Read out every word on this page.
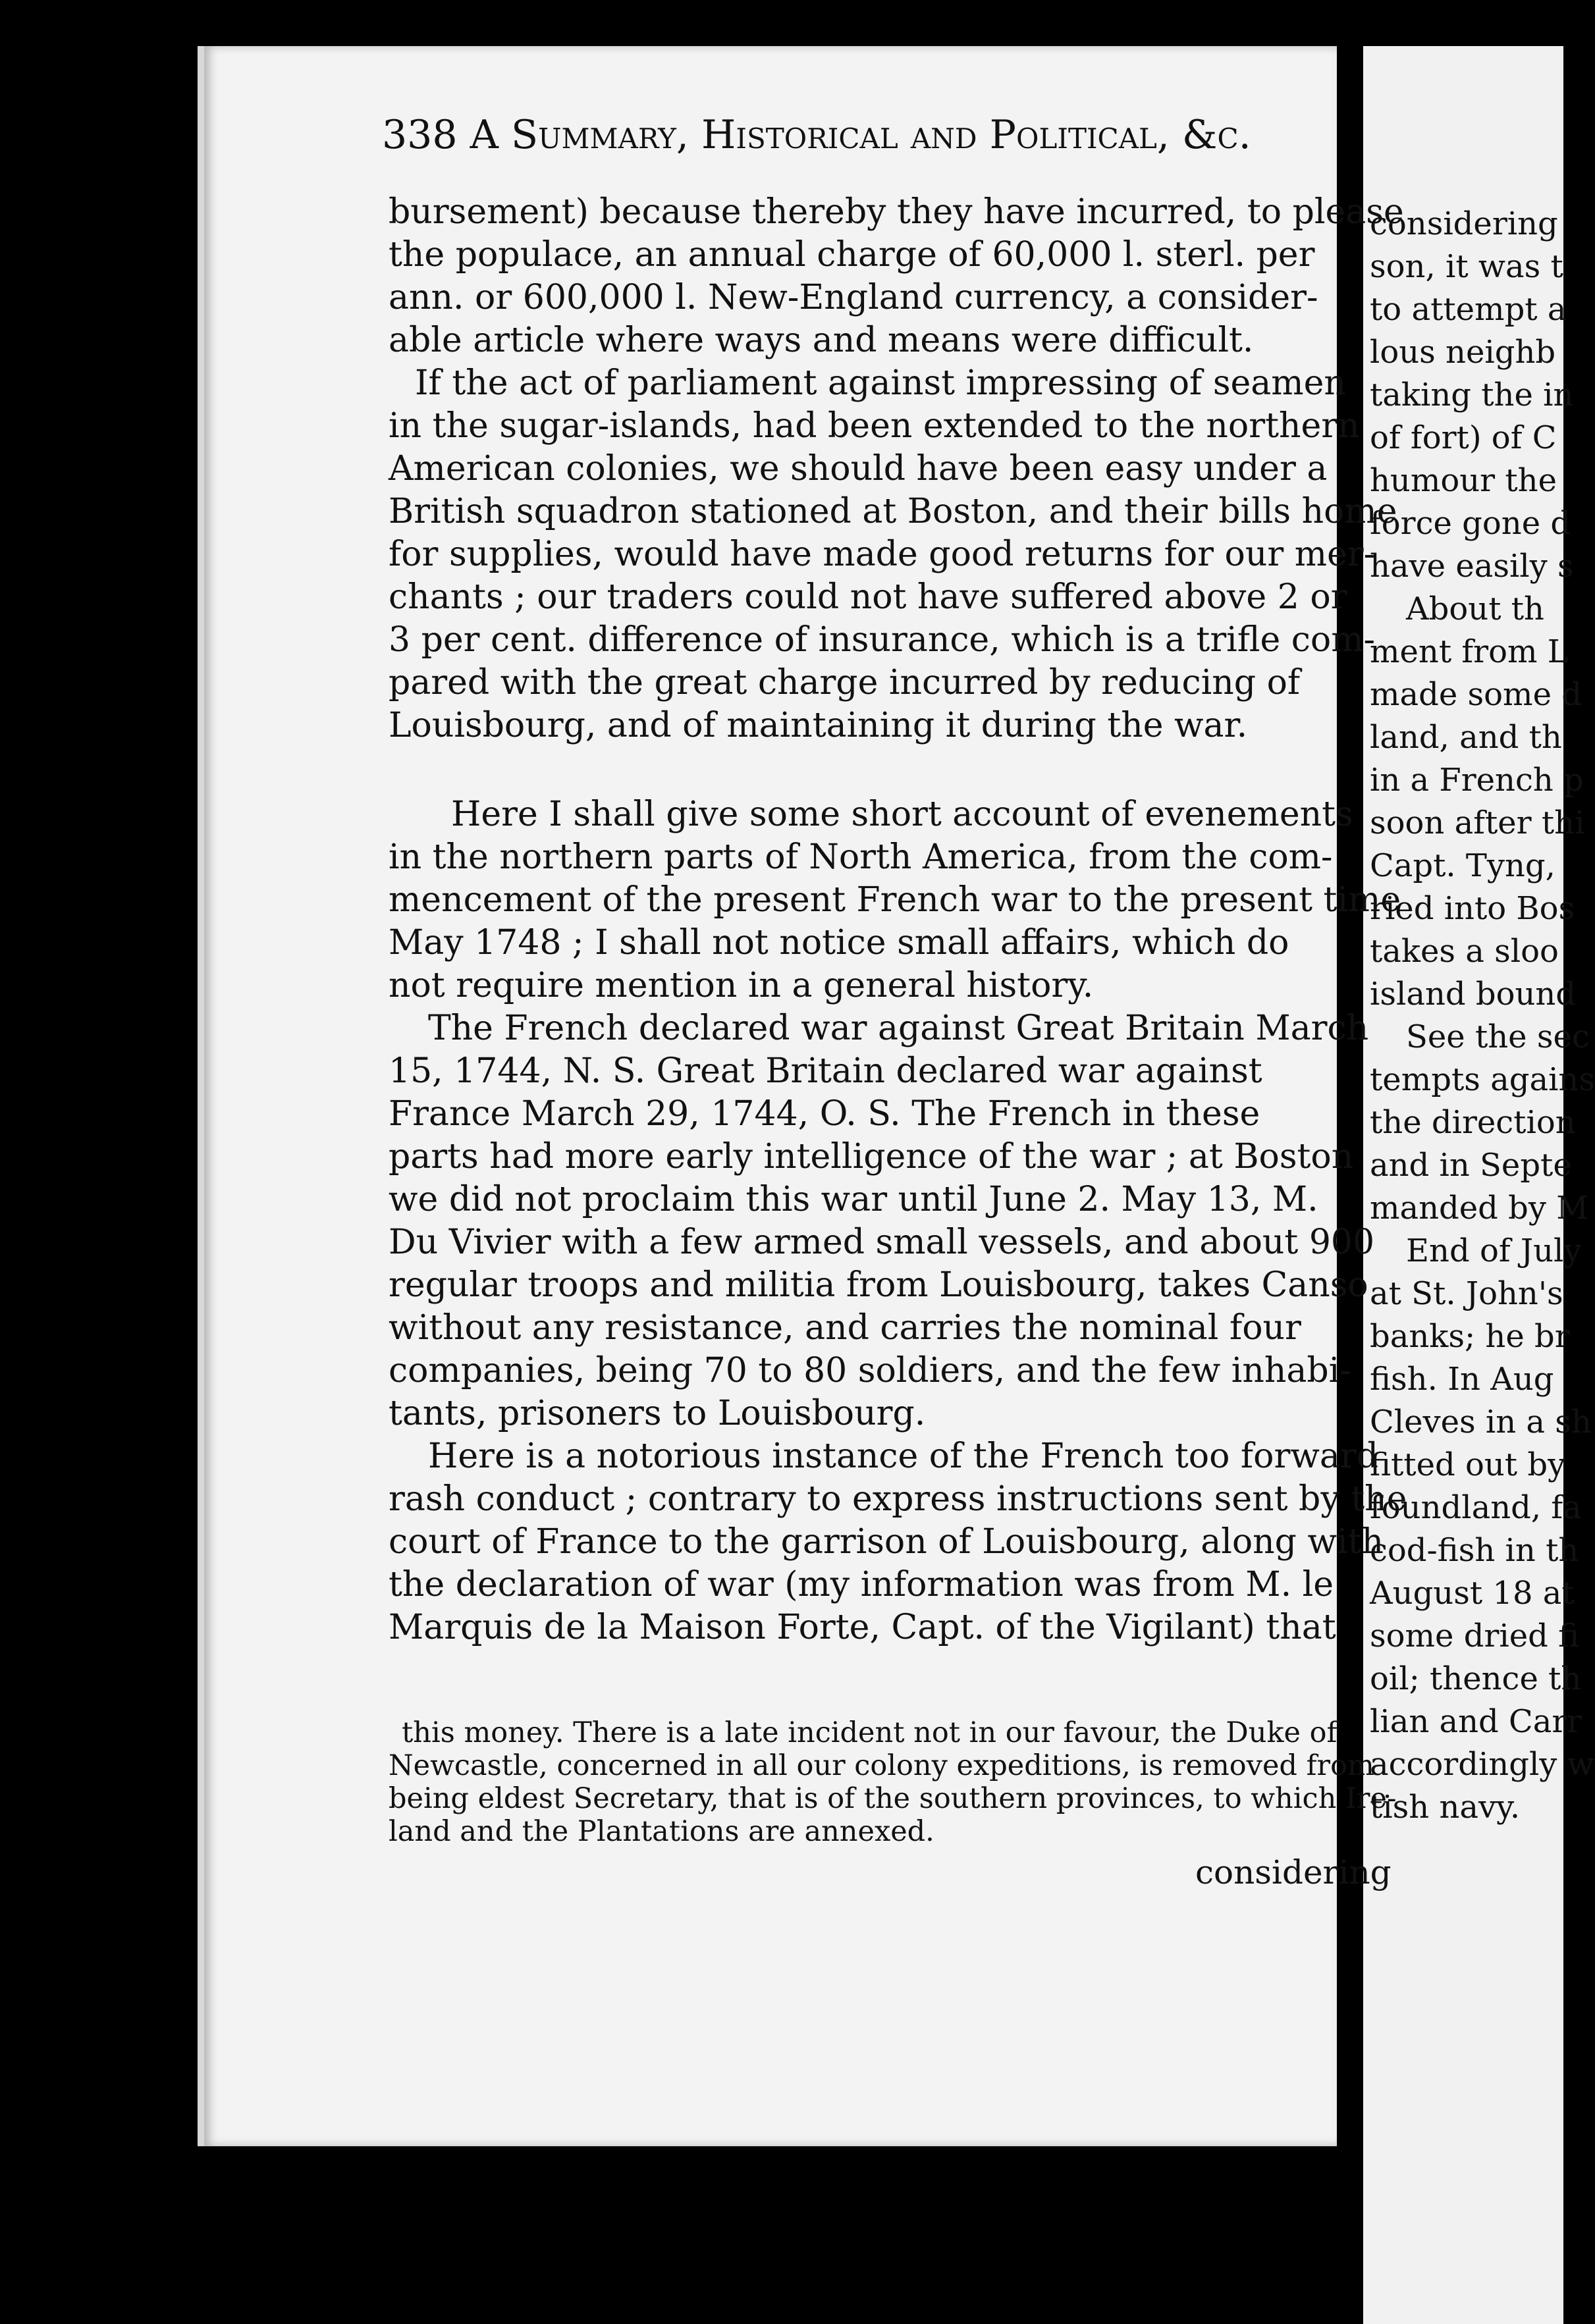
338 A Summary, Historical and Political, &c.
bursement) because thereby they have incurred, to please
the populace, an annual charge of 60,000 l. sterl. per
ann. or 600,000 l. New-England currency, a consider-
able article where ways and means were difficult.
If the act of parliament against impressing of seamen
in the sugar-islands, had been extended to the northern
American colonies, we should have been easy under a
British squadron stationed at Boston, and their bills home
for supplies, would have made good returns for our mer-
chants ; our traders could not have suffered above 2 or
3 per cent. difference of insurance, which is a trifle com-
pared with the great charge incurred by reducing of
Louisbourg, and of maintaining it during the war.
Here I shall give some short account of evenements
in the northern parts of North America, from the com-
mencement of the present French war to the present time
May 1748 ; I shall not notice small affairs, which do
not require mention in a general history.
The French declared war against Great Britain March
15, 1744, N. S. Great Britain declared war against
France March 29, 1744, O. S. The French in these
parts had more early intelligence of the war ; at Boston
we did not proclaim this war until June 2. May 13, M.
Du Vivier with a few armed small vessels, and about 900
regular troops and militia from Louisbourg, takes Canso
without any resistance, and carries the nominal four
companies, being 70 to 80 soldiers, and the few inhabi-
tants, prisoners to Louisbourg.
Here is a notorious instance of the French too forward
rash conduct ; contrary to express instructions sent by the
court of France to the garrison of Louisbourg, along with
the declaration of war (my information was from M. le
Marquis de la Maison Forte, Capt. of the Vigilant) that
this money. There is a late incident not in our favour, the Duke of
Newcastle, concerned in all our colony expeditions, is removed from
being eldest Secretary, that is of the southern provinces, to which Ire-
land and the Plantations are annexed.
considering
considering
son, it was t
to attempt a
lous neighb
taking the in
of fort) of C
humour the
force gone d
have easily s
About th
ment from L
made some d
land, and th
in a French p
soon after thi
Capt. Tyng,
ried into Bos
takes a sloo
island bound
See the sec
tempts agains
the direction
and in Septe
manded by M
End of July
at St. John's
banks; he br
fish. In Aug
Cleves in a sh
fitted out by
foundland, fa
cod-fish in th
August 18 at
some dried fi
oil; thence th
lian and Carr
accordingly w
tish navy.
